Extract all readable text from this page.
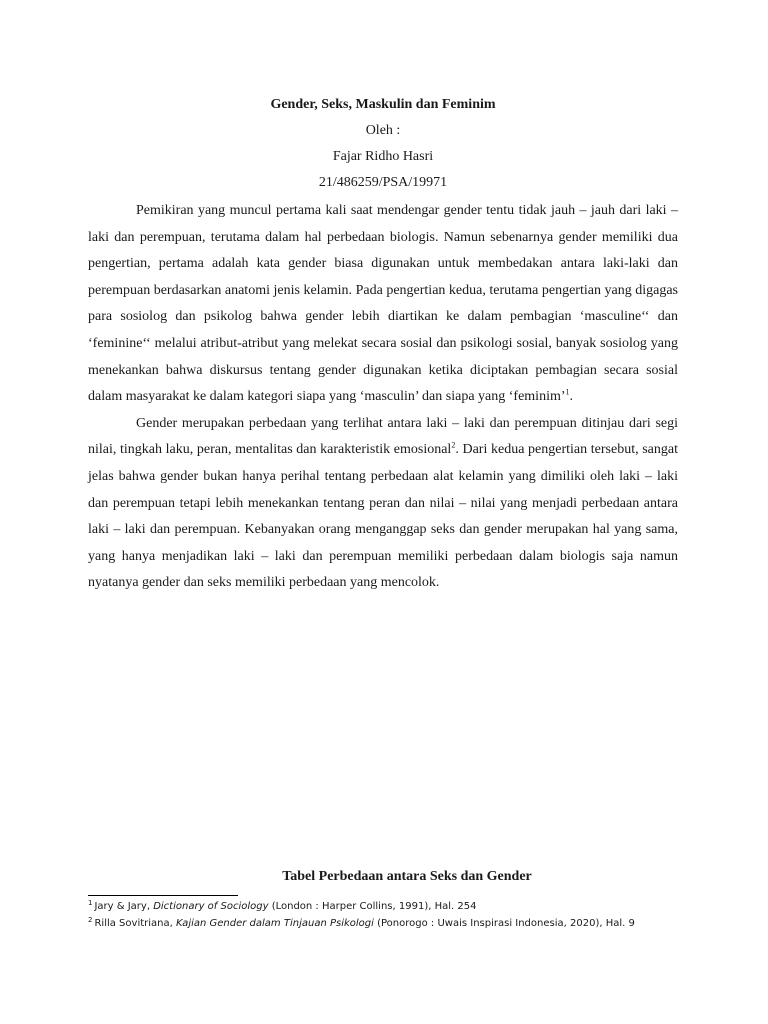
Gender, Seks, Maskulin dan Feminim
Oleh :
Fajar Ridho Hasri
21/486259/PSA/19971

Pemikiran yang muncul pertama kali saat mendengar gender tentu tidak jauh – jauh dari laki – laki dan perempuan, terutama dalam hal perbedaan biologis. Namun sebenarnya gender memiliki dua pengertian, pertama adalah kata gender biasa digunakan untuk membedakan antara laki-laki dan perempuan berdasarkan anatomi jenis kelamin. Pada pengertian kedua, terutama pengertian yang digagas para sosiolog dan psikolog bahwa gender lebih diartikan ke dalam pembagian ‘masculine‘‘ dan ‘feminine‘‘ melalui atribut-atribut yang melekat secara sosial dan psikologi sosial, banyak sosiolog yang menekankan bahwa diskursus tentang gender digunakan ketika diciptakan pembagian secara sosial dalam masyarakat ke dalam kategori siapa yang ‘masculin’ dan siapa yang ‘feminim’$^1$.

Gender merupakan perbedaan yang terlihat antara laki – laki dan perempuan ditinjau dari segi nilai, tingkah laku, peran, mentalitas dan karakteristik emosional$^2$. Dari kedua pengertian tersebut, sangat jelas bahwa gender bukan hanya perihal tentang perbedaan alat kelamin yang dimiliki oleh laki – laki dan perempuan tetapi lebih menekankan tentang peran dan nilai – nilai yang menjadi perbedaan antara laki – laki dan perempuan. Kebanyakan orang menganggap seks dan gender merupakan hal yang sama, yang hanya menjadikan laki – laki dan perempuan memiliki perbedaan dalam biologis saja namun nyatanya gender dan seks memiliki perbedaan yang mencolok.

Tabel Perbedaan antara Seks dan Gender
$^1$ Jary & Jary, Dictionary of Sociology (London : Harper Collins, 1991), Hal. 254
$^2$ Rilla Sovitriana, Kajian Gender dalam Tinjauan Psikologi (Ponorogo : Uwais Inspirasi Indonesia, 2020), Hal. 9
